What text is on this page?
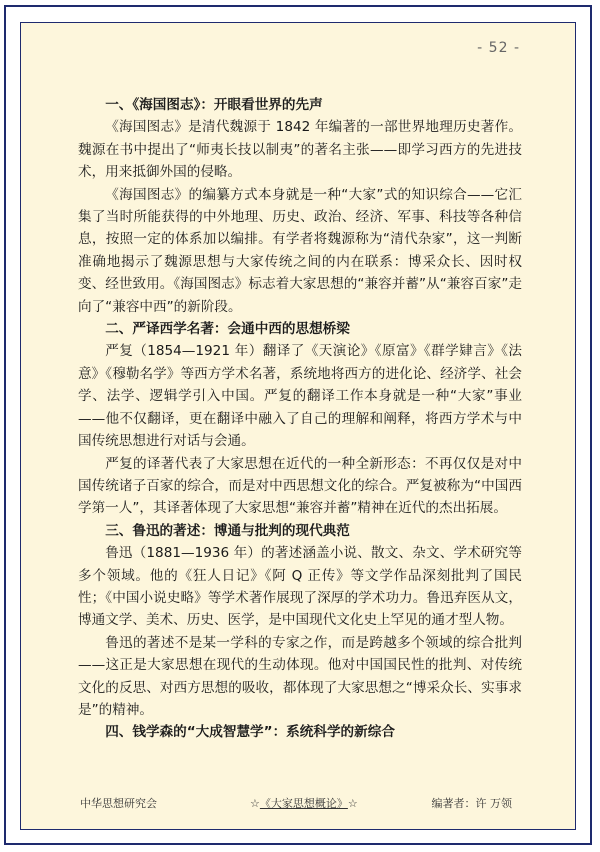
- 52 -
一、《海国图志》：开眼看世界的先声

《海国图志》是清代魏源于 1842 年编著的一部世界地理历史著作。魏源在书中提出了“师夷长技以制夷”的著名主张——即学习西方的先进技术，用来抵御外国的侵略。

《海国图志》的编纂方式本身就是一种“大家”式的知识综合——它汇集了当时所能获得的中外地理、历史、政治、经济、军事、科技等各种信息，按照一定的体系加以编排。有学者将魏源称为“清代杂家”，这一判断准确地揭示了魏源思想与大家传统之间的内在联系：博采众长、因时权变、经世致用。《海国图志》标志着大家思想的“兼容并蓄”从“兼容百家”走向了“兼容中西”的新阶段。

二、严译西学名著：会通中西的思想桥梁

严复（1854—1921 年）翻译了《天演论》《原富》《群学肄言》《法意》《穆勒名学》等西方学术名著，系统地将西方的进化论、经济学、社会学、法学、逻辑学引入中国。严复的翻译工作本身就是一种“大家”事业——他不仅翻译，更在翻译中融入了自己的理解和阐释，将西方学术与中国传统思想进行对话与会通。

严复的译著代表了大家思想在近代的一种全新形态：不再仅仅是对中国传统诸子百家的综合，而是对中西思想文化的综合。严复被称为“中国西学第一人”，其译著体现了大家思想“兼容并蓄”精神在近代的杰出拓展。

三、鲁迅的著述：博通与批判的现代典范

鲁迅（1881—1936 年）的著述涵盖小说、散文、杂文、学术研究等多个领域。他的《狂人日记》《阿 Q 正传》等文学作品深刻批判了国民性；《中国小说史略》等学术著作展现了深厚的学术功力。鲁迅弃医从文，博通文学、美术、历史、医学，是中国现代文化史上罕见的通才型人物。

鲁迅的著述不是某一学科的专家之作，而是跨越多个领域的综合批判——这正是大家思想在现代的生动体现。他对中国国民性的批判、对传统文化的反思、对西方思想的吸收，都体现了大家思想之“博采众长、实事求是”的精神。

四、钱学森的“大成智慧学”：系统科学的新综合
中华思想研究会	☆《大家思想概论》☆	编著者：许 万领
